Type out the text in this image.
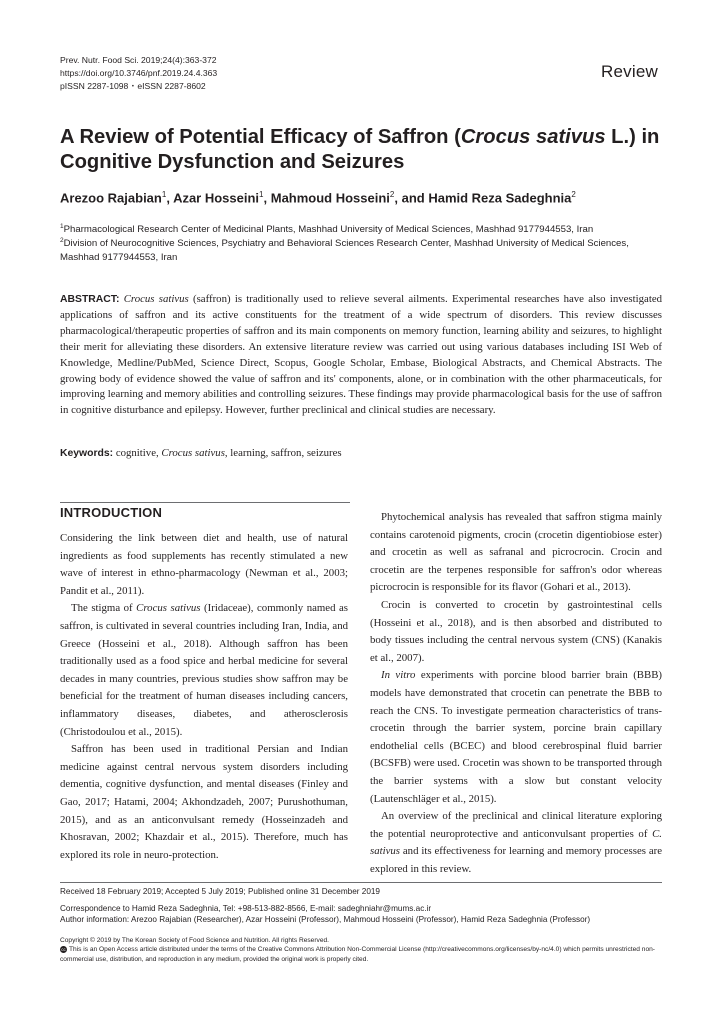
Prev. Nutr. Food Sci. 2019;24(4):363-372
https://doi.org/10.3746/pnf.2019.24.4.363
pISSN 2287-1098 ･ eISSN 2287-8602
Review
A Review of Potential Efficacy of Saffron (Crocus sativus L.) in Cognitive Dysfunction and Seizures
Arezoo Rajabian$^1$, Azar Hosseini$^1$, Mahmoud Hosseini$^2$, and Hamid Reza Sadeghnia$^2$
$^1$Pharmacological Research Center of Medicinal Plants, Mashhad University of Medical Sciences, Mashhad 9177944553, Iran
$^2$Division of Neurocognitive Sciences, Psychiatry and Behavioral Sciences Research Center, Mashhad University of Medical Sciences, Mashhad 9177944553, Iran
ABSTRACT: Crocus sativus (saffron) is traditionally used to relieve several ailments. Experimental researches have also investigated applications of saffron and its active constituents for the treatment of a wide spectrum of disorders. This review discusses pharmacological/therapeutic properties of saffron and its main components on memory function, learning ability and seizures, to highlight their merit for alleviating these disorders. An extensive literature review was carried out using various databases including ISI Web of Knowledge, Medline/PubMed, Science Direct, Scopus, Google Scholar, Embase, Biological Abstracts, and Chemical Abstracts. The growing body of evidence showed the value of saffron and its' components, alone, or in combination with the other pharmaceuticals, for improving learning and memory abilities and controlling seizures. These findings may provide pharmacological basis for the use of saffron in cognitive disturbance and epilepsy. However, further preclinical and clinical studies are necessary.
Keywords: cognitive, Crocus sativus, learning, saffron, seizures
INTRODUCTION

Considering the link between diet and health, use of natural ingredients as food supplements has recently stimulated a new wave of interest in ethno-pharmacology (Newman et al., 2003; Pandit et al., 2011).

The stigma of Crocus sativus (Iridaceae), commonly named as saffron, is cultivated in several countries including Iran, India, and Greece (Hosseini et al., 2018). Although saffron has been traditionally used as a food spice and herbal medicine for several decades in many countries, previous studies show saffron may be beneficial for the treatment of human diseases including cancers, inflammatory diseases, diabetes, and atherosclerosis (Christodoulou et al., 2015).

Saffron has been used in traditional Persian and Indian medicine against central nervous system disorders including dementia, cognitive dysfunction, and mental diseases (Finley and Gao, 2017; Hatami, 2004; Akhondzadeh, 2007; Purushothuman, 2015), and as an anticonvulsant remedy (Hosseinzadeh and Khosravan, 2002; Khazdair et al., 2015). Therefore, much has explored its role in neuro-protection.

Phytochemical analysis has revealed that saffron stigma mainly contains carotenoid pigments, crocin (crocetin digentiobiose ester) and crocetin as well as safranal and picrocrocin. Crocin and crocetin are the terpenes responsible for saffron's odor whereas picrocrocin is responsible for its flavor (Gohari et al., 2013).

Crocin is converted to crocetin by gastrointestinal cells (Hosseini et al., 2018), and is then absorbed and distributed to body tissues including the central nervous system (CNS) (Kanakis et al., 2007).

In vitro experiments with porcine blood barrier brain (BBB) models have demonstrated that crocetin can penetrate the BBB to reach the CNS. To investigate permeation characteristics of trans-crocetin through the barrier system, porcine brain capillary endothelial cells (BCEC) and blood cerebrospinal fluid barrier (BCSFB) were used. Crocetin was shown to be transported through the barrier systems with a slow but constant velocity (Lautenschläger et al., 2015).

An overview of the preclinical and clinical literature exploring the potential neuroprotective and anticonvulsant properties of C. sativus and its effectiveness for learning and memory processes are explored in this review.

Received 18 February 2019; Accepted 5 July 2019; Published online 31 December 2019
Correspondence to Hamid Reza Sadeghnia, Tel: +98-513-882-8566, E-mail: sadeghniahr@mums.ac.ir
Author information: Arezoo Rajabian (Researcher), Azar Hosseini (Professor), Mahmoud Hosseini (Professor), Hamid Reza Sadeghnia (Professor)
Copyright © 2019 by The Korean Society of Food Science and Nutrition. All rights Reserved.
cc This is an Open Access article distributed under the terms of the Creative Commons Attribution Non-Commercial License (http://creativecommons.org/licenses/by-nc/4.0) which permits unrestricted non-commercial use, distribution, and reproduction in any medium, provided the original work is properly cited.
